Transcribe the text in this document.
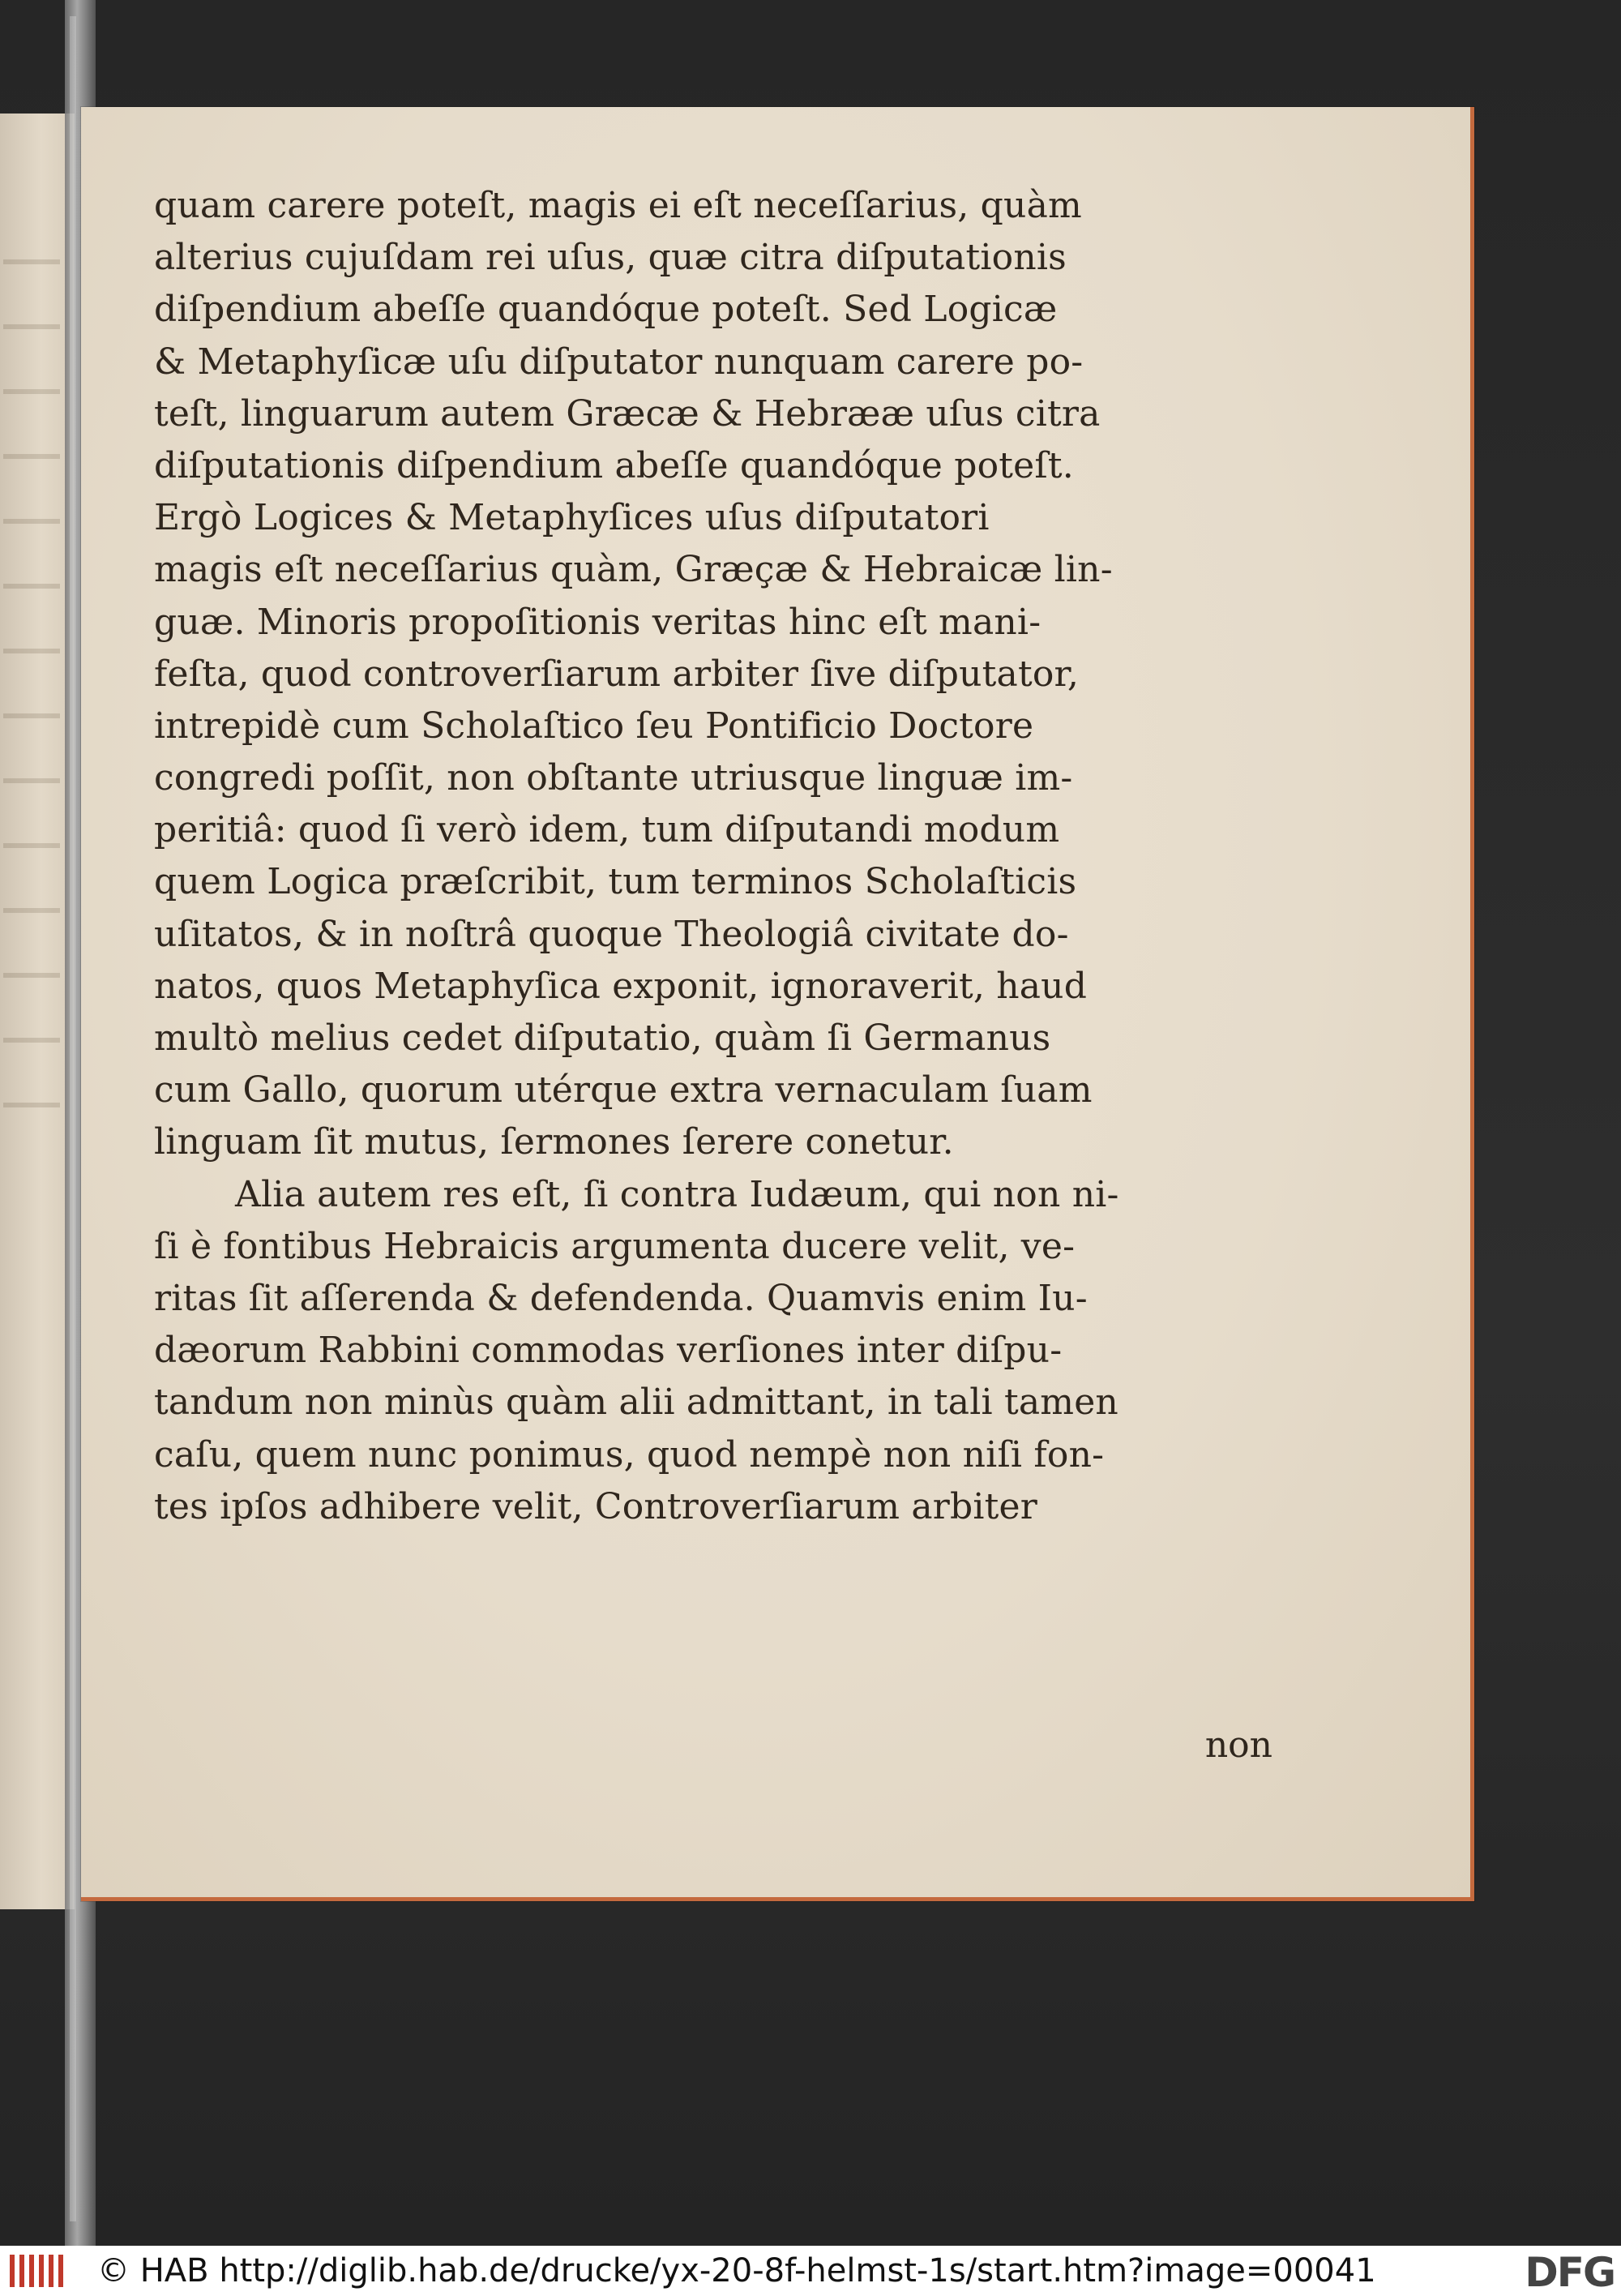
quam carere poteſt, magis ei eſt neceſſarius, quàm
alterius cujuſdam rei uſus, quæ citra diſputationis
diſpendium abeſſe quandóque poteſt. Sed Logicæ
& Metaphyſicæ uſu diſputator nunquam carere po-
teſt, linguarum autem Græcæ & Hebrææ uſus citra
diſputationis diſpendium abeſſe quandóque poteſt.
Ergò Logices & Metaphyſices uſus diſputatori
magis eſt neceſſarius quàm, Græçæ & Hebraicæ lin-
guæ. Minoris propoſitionis veritas hinc eſt mani-
feſta, quod controverſiarum arbiter ſive diſputator,
intrepidè cum Scholaſtico ſeu Pontificio Doctore
congredi poſſit, non obſtante utriusque linguæ im-
peritiâ: quod ſi verò idem, tum diſputandi modum
quem Logica præſcribit, tum terminos Scholaſticis
uſitatos, & in noſtrâ quoque Theologiâ civitate do-
natos, quos Metaphyſica exponit, ignoraverit, haud
multò melius cedet diſputatio, quàm ſi Germanus
cum Gallo, quorum utérque extra vernaculam ſuam
linguam ſit mutus, ſermones ſerere conetur.
Alia autem res eſt, ſi contra Iudæum, qui non ni-
ſi è fontibus Hebraicis argumenta ducere velit, ve-
ritas ſit aſſerenda & defendenda. Quamvis enim Iu-
dæorum Rabbini commodas verſiones inter diſpu-
tandum non minùs quàm alii admittant, in tali tamen
caſu, quem nunc ponimus, quod nempè non niſi fon-
tes ipſos adhibere velit, Controverſiarum arbiter
non
© HAB http://diglib.hab.de/drucke/yx-20-8f-helmst-1s/start.htm?image=00041	DFG
